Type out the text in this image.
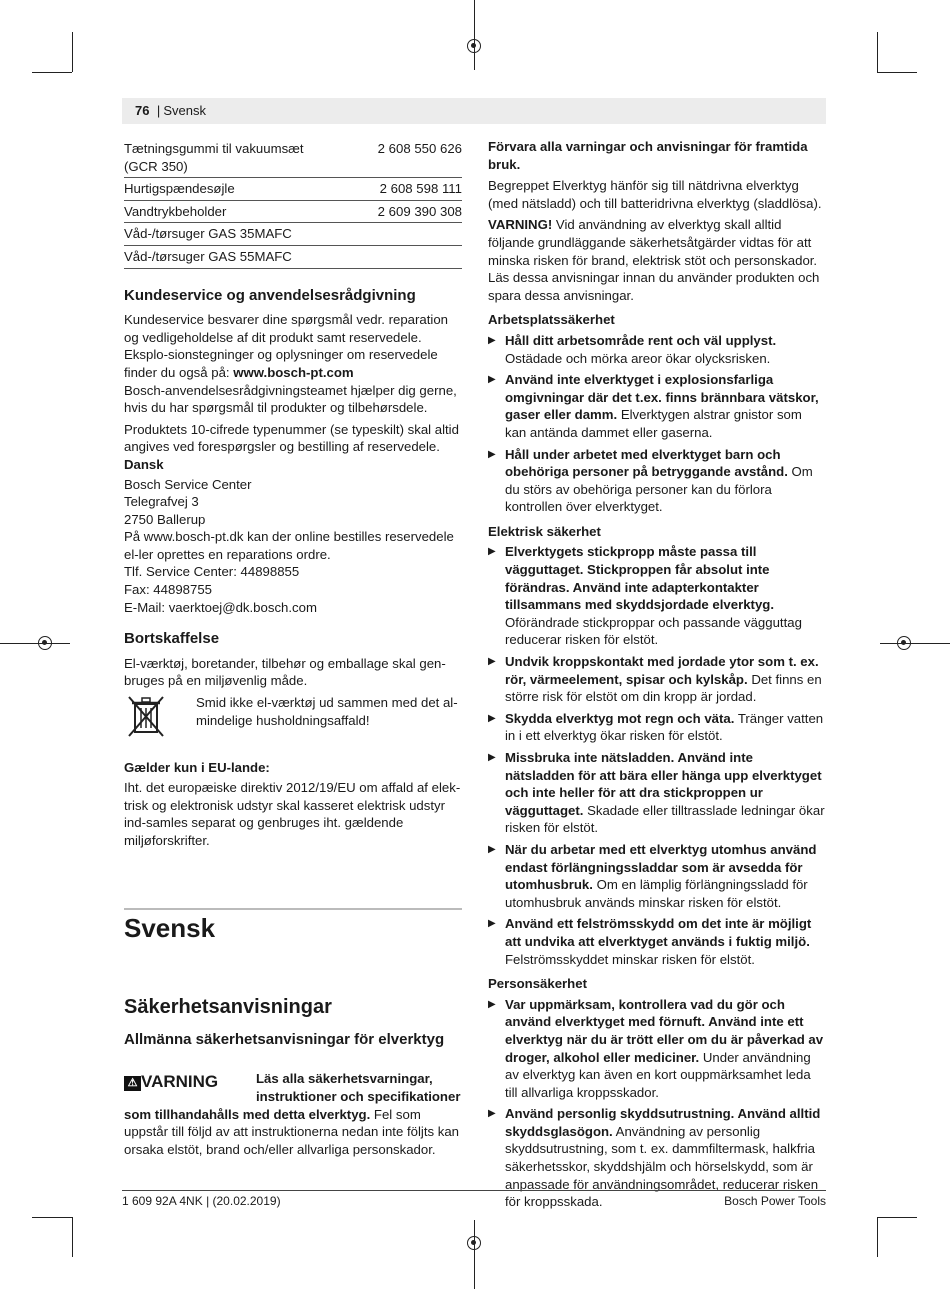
76 | Svensk
Tætningsgummi til vakuumsæt (GCR 350)	2 608 550 626
Hurtigspændesøjle	2 608 598 111
Vandtrykbeholder	2 609 390 308
Våd-/tørsuger GAS 35MAFC	
Våd-/tørsuger GAS 55MAFC	
Kundeservice og anvendelsesrådgivning

Kundeservice besvarer dine spørgsmål vedr. reparation og vedligeholdelse af dit produkt samt reservedele. Eksplo-sionstegninger og oplysninger om reservedele finder du også på: www.bosch-pt.com

Bosch-anvendelsesrådgivningsteamet hjælper dig gerne, hvis du har spørgsmål til produkter og tilbehørsdele.

Produktets 10-cifrede typenummer (se typeskilt) skal altid angives ved forespørgsler og bestilling af reservedele.

Dansk
Bosch Service Center
Telegrafvej 3
2750 Ballerup
På www.bosch-pt.dk kan der online bestilles reservedele el-ler oprettes en reparations ordre.
Tlf. Service Center: 44898855
Fax: 44898755
E-Mail: vaerktoej@dk.bosch.com
Bortskaffelse

El-værktøj, boretander, tilbehør og emballage skal gen-bruges på en miljøvenlig måde.

Smid ikke el-værktøj ud sammen med det al-mindelige husholdningsaffald!
Gælder kun i EU-lande:

Iht. det europæiske direktiv 2012/19/EU om affald af elek-trisk og elektronisk udstyr skal kasseret elektrisk udstyr ind-samles separat og genbruges iht. gældende miljøforskrifter.

Svensk
Säkerhetsanvisningar
Allmänna säkerhetsanvisningar för elverktyg
⚠ VARNING	Läs alla säkerhetsvarningar, instruktioner och specifikationer
som tillhandahålls med detta elverktyg. Fel som uppstår till följd av att instruktionerna nedan inte följts kan orsaka elstöt, brand och/eller allvarliga personskador.

Förvara alla varningar och anvisningar för framtida bruk.

Begreppet Elverktyg hänför sig till nätdrivna elverktyg (med nätsladd) och till batteridrivna elverktyg (sladdlösa).

VARNING! Vid användning av elverktyg skall alltid följande grundläggande säkerhetsåtgärder vidtas för att minska risken för brand, elektrisk stöt och personskador. Läs dessa anvisningar innan du använder produkten och spara dessa anvisningar.

Arbetsplatssäkerhet
▶ Håll ditt arbetsområde rent och väl upplyst. Ostädade och mörka areor ökar olycksrisken.
▶ Använd inte elverktyget i explosionsfarliga omgivningar där det t.ex. finns brännbara vätskor, gaser eller damm. Elverktygen alstrar gnistor som kan antända dammet eller gaserna.
▶ Håll under arbetet med elverktyget barn och obehöriga personer på betryggande avstånd. Om du störs av obehöriga personer kan du förlora kontrollen över elverktyget.
Elektrisk säkerhet
▶ Elverktygets stickpropp måste passa till vägguttaget. Stickproppen får absolut inte förändras. Använd inte adapterkontakter tillsammans med skyddsjordade elverktyg. Oförändrade stickproppar och passande vägguttag reducerar risken för elstöt.
▶ Undvik kroppskontakt med jordade ytor som t. ex. rör, värmeelement, spisar och kylskåp. Det finns en större risk för elstöt om din kropp är jordad.
▶ Skydda elverktyg mot regn och väta. Tränger vatten in i ett elverktyg ökar risken för elstöt.
▶ Missbruka inte nätsladden. Använd inte nätsladden för att bära eller hänga upp elverktyget och inte heller för att dra stickproppen ur vägguttaget. Skadade eller tilltrasslade ledningar ökar risken för elstöt.
▶ När du arbetar med ett elverktyg utomhus använd endast förlängningssladdar som är avsedda för utomhusbruk. Om en lämplig förlängningssladd för utomhusbruk används minskar risken för elstöt.
▶ Använd ett felströmsskydd om det inte är möjligt att undvika att elverktyget används i fuktig miljö. Felströmsskyddet minskar risken för elstöt.
Personsäkerhet
▶ Var uppmärksam, kontrollera vad du gör och använd elverktyget med förnuft. Använd inte ett elverktyg när du är trött eller om du är påverkad av droger, alkohol eller mediciner. Under användning av elverktyg kan även en kort ouppmärksamhet leda till allvarliga kroppsskador.
▶ Använd personlig skyddsutrustning. Använd alltid skyddsglasögon. Användning av personlig skyddsutrustning, som t. ex. dammfiltermask, halkfria säkerhetsskor, skyddshjälm och hörselskydd, som är anpassade för användningsområdet, reducerar risken för kroppsskada.
1 609 92A 4NK | (20.02.2019)	Bosch Power Tools
